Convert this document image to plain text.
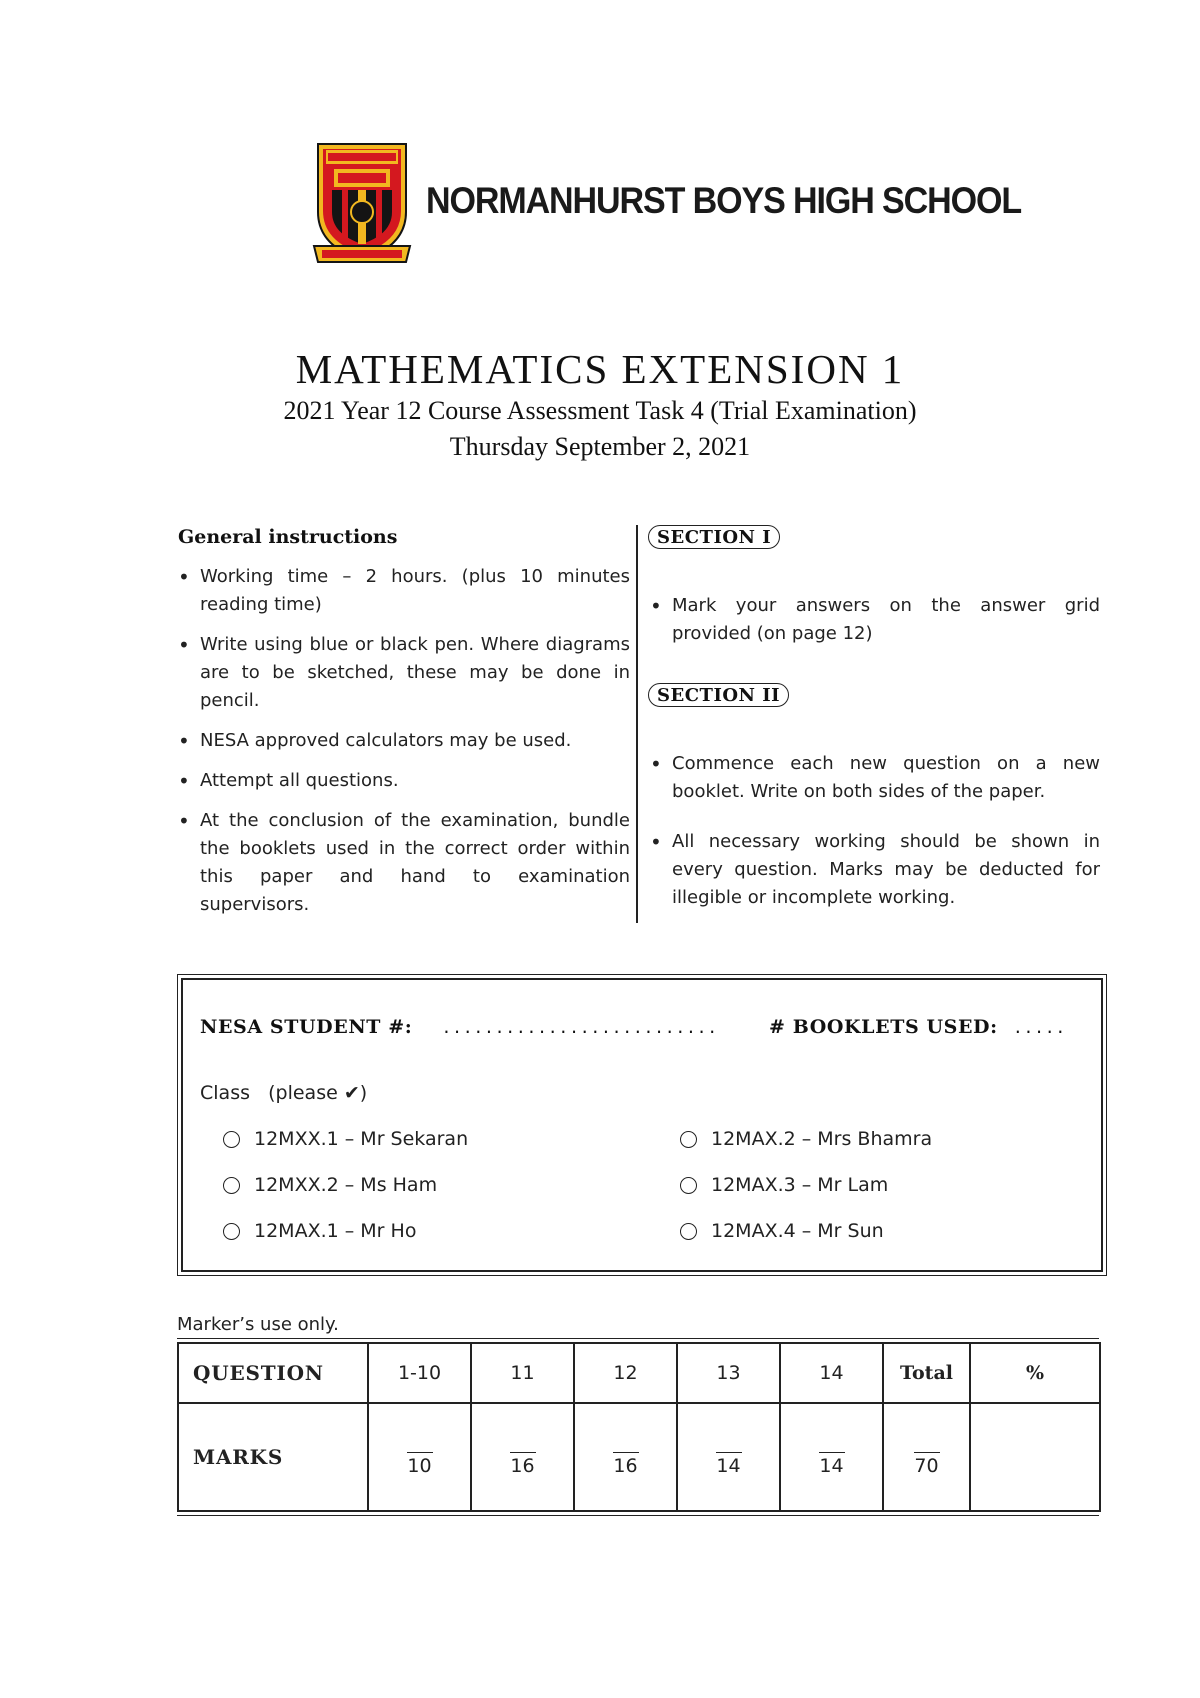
NORMANHURST BOYS HIGH SCHOOL
MATHEMATICS EXTENSION 1
2021 Year 12 Course Assessment Task 4 (Trial Examination)
Thursday September 2, 2021
General instructions
• Working time – 2 hours. (plus 10 minutes reading time)
• Write using blue or black pen. Where diagrams are to be sketched, these may be done in pencil.
• NESA approved calculators may be used.
• Attempt all questions.
• At the conclusion of the examination, bundle the booklets used in the correct order within this paper and hand to examination supervisors.
SECTION I
• Mark your answers on the answer grid provided (on page 12)
SECTION II
• Commence each new question on a new booklet. Write on both sides of the paper.
• All necessary working should be shown in every question. Marks may be deducted for illegible or incomplete working.
NESA STUDENT #: ..........................	# BOOKLETS USED: .....
Class   (please ✔)
12MXX.1 – Mr Sekaran	12MAX.2 – Mrs Bhamra
12MXX.2 – Ms Ham	12MAX.3 – Mr Lam
12MAX.1 – Mr Ho	12MAX.4 – Mr Sun
Marker’s use only.
QUESTION	1-10	11	12	13	14	Total	%
MARKS	10	16	16	14	14	70	
